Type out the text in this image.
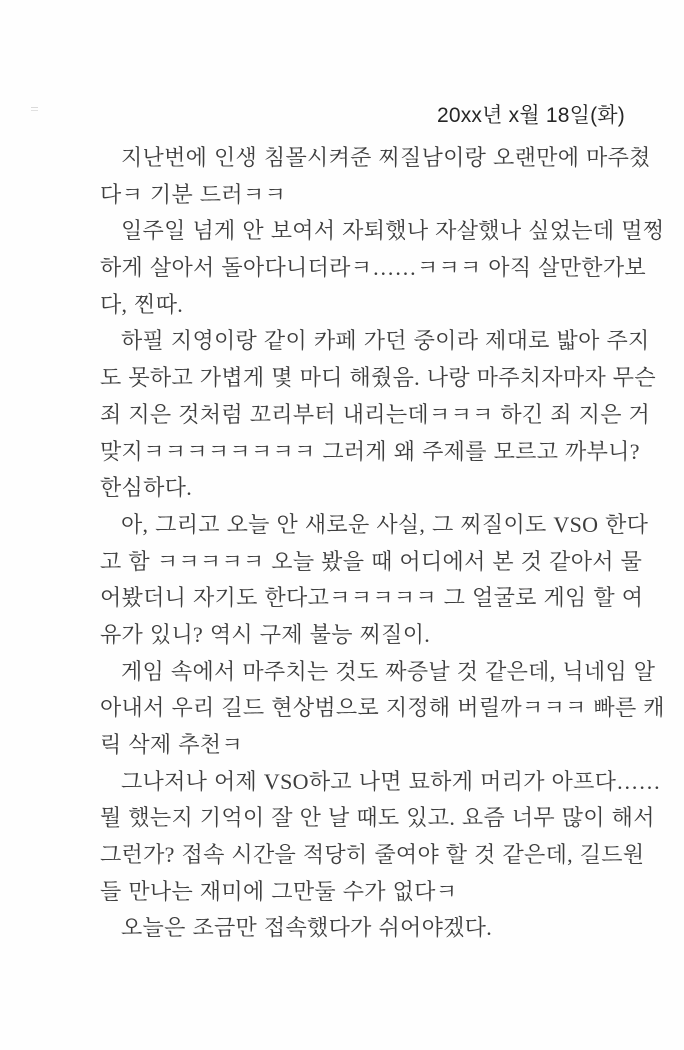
20xx년 x월 18일(화)
지난번에 인생 침몰시켜준 찌질남이랑 오랜만에 마주쳤
다ㅋ 기분 드러ㅋㅋ
일주일 넘게 안 보여서 자퇴했나 자살했나 싶었는데 멀쩡
하게 살아서 돌아다니더라ㅋ……ㅋㅋㅋ 아직 살만한가보
다, 찐따.
하필 지영이랑 같이 카페 가던 중이라 제대로 밟아 주지
도 못하고 가볍게 몇 마디 해줬음. 나랑 마주치자마자 무슨
죄 지은 것처럼 꼬리부터 내리는데ㅋㅋㅋ 하긴 죄 지은 거
맞지ㅋㅋㅋㅋㅋㅋㅋㅋ 그러게 왜 주제를 모르고 까부니?
한심하다.
아, 그리고 오늘 안 새로운 사실, 그 찌질이도 VSO 한다
고 함 ㅋㅋㅋㅋㅋ 오늘 봤을 때 어디에서 본 것 같아서 물
어봤더니 자기도 한다고ㅋㅋㅋㅋㅋ 그 얼굴로 게임 할 여
유가 있니? 역시 구제 불능 찌질이.
게임 속에서 마주치는 것도 짜증날 것 같은데, 닉네임 알
아내서 우리 길드 현상범으로 지정해 버릴까ㅋㅋㅋ 빠른 캐
릭 삭제 추천ㅋ
그나저나 어제 VSO하고 나면 묘하게 머리가 아프다……
뭘 했는지 기억이 잘 안 날 때도 있고. 요즘 너무 많이 해서
그런가? 접속 시간을 적당히 줄여야 할 것 같은데, 길드원
들 만나는 재미에 그만둘 수가 없다ㅋ
오늘은 조금만 접속했다가 쉬어야겠다.
